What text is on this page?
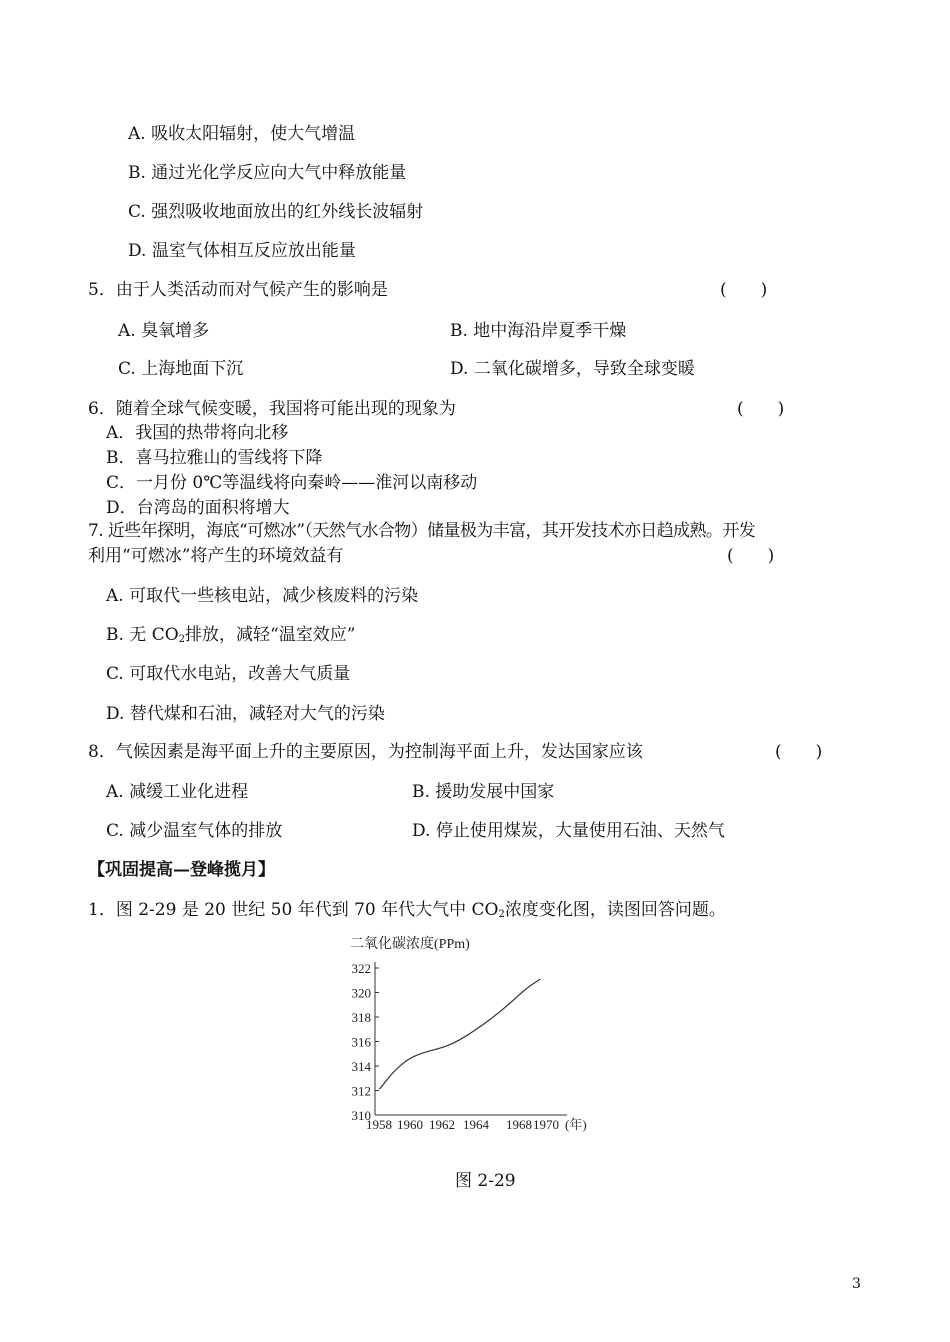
A. 吸收太阳辐射，使大气增温
B. 通过光化学反应向大气中释放能量
C. 强烈吸收地面放出的红外线长波辐射
D. 温室气体相互反应放出能量
5．由于人类活动而对气候产生的影响是	(　　)
A. 臭氧增多	B. 地中海沿岸夏季干燥
C. 上海地面下沉	D. 二氧化碳增多，导致全球变暖
6．随着全球气候变暖，我国将可能出现的现象为	(　　)
A．我国的热带将向北移
B．喜马拉雅山的雪线将下降
C．一月份 0℃等温线将向秦岭——淮河以南移动
D．台湾岛的面积将增大
7. 近些年探明，海底“可燃冰”（天然气水合物）储量极为丰富，其开发技术亦日趋成熟。开发
利用“可燃冰”将产生的环境效益有	(　　)
A. 可取代一些核电站，减少核废料的污染
B. 无 $CO_2$排放，减轻“温室效应”
C. 可取代水电站，改善大气质量
D. 替代煤和石油，减轻对大气的污染
8．气候因素是海平面上升的主要原因，为控制海平面上升，发达国家应该	(　　)
A. 减缓工业化进程	B. 援助发展中国家
C. 减少温室气体的排放	D. 停止使用煤炭，大量使用石油、天然气
【巩固提高—登峰揽月】
1．图 2-29 是 20 世纪 50 年代到 70 年代大气中 $CO_2$浓度变化图，读图回答问题。
二氧化碳浓度(PPm)
310
312
314
316
318
320
322
1958 1960 1962 1964 1968 1970 (年)
图 2-29
3
